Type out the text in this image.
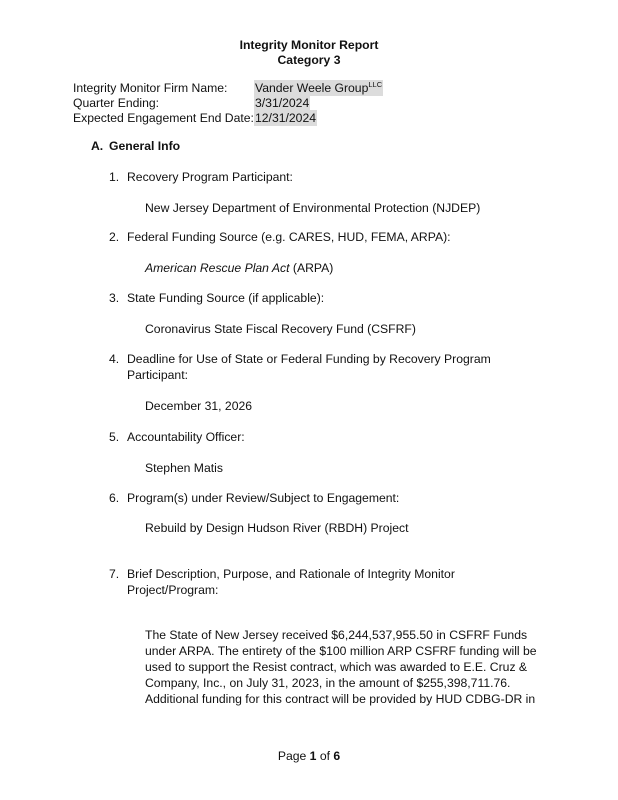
Integrity Monitor Report
Category 3
Integrity Monitor Firm Name: Vander Weele Group$^{LLC}$
Quarter Ending:	3/31/2024
Expected Engagement End Date: 12/31/2024
A. General Info
1. Recovery Program Participant:
New Jersey Department of Environmental Protection (NJDEP)
2. Federal Funding Source (e.g. CARES, HUD, FEMA, ARPA):
American Rescue Plan Act (ARPA)
3. State Funding Source (if applicable):
Coronavirus State Fiscal Recovery Fund (CSFRF)
4. Deadline for Use of State or Federal Funding by Recovery Program
Participant:
December 31, 2026
5. Accountability Officer:
Stephen Matis
6. Program(s) under Review/Subject to Engagement:
Rebuild by Design Hudson River (RBDH) Project
7. Brief Description, Purpose, and Rationale of Integrity Monitor
Project/Program:
The State of New Jersey received $6,244,537,955.50 in CSFRF Funds
under ARPA. The entirety of the $100 million ARP CSFRF funding will be
used to support the Resist contract, which was awarded to E.E. Cruz &
Company, Inc., on July 31, 2023, in the amount of $255,398,711.76.
Additional funding for this contract will be provided by HUD CDBG-DR in
Page 1 of 6
